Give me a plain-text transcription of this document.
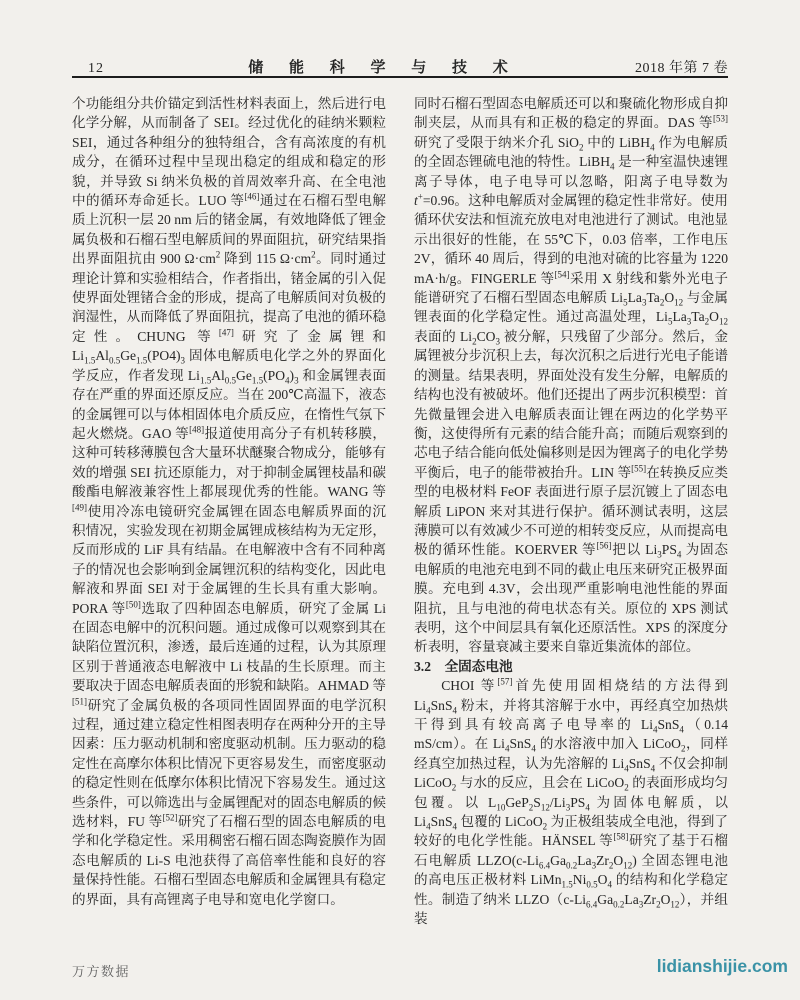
12	储 能 科 学 与 技 术	2018 年第 7 卷

个功能组分共价锚定到活性材料表面上，然后进行电化学分解，从而制备了 SEI。经过优化的硅纳米颗粒 SEI，通过各种组分的独特组合，含有高浓度的有机成分，在循环过程中呈现出稳定的组成和稳定的形貌，并导致 Si 纳米负极的首周效率升高、在全电池中的循环寿命延长。LUO 等[46]通过在石榴石型电解质上沉积一层 20 nm 后的锗金属，有效地降低了锂金属负极和石榴石型电解质间的界面阻抗，研究结果指出界面阻抗由 900 $\Omega\cdot cm^2$ 降到 115 $\Omega\cdot cm^2$。同时通过理论计算和实验相结合，作者指出，锗金属的引入促使界面处锂锗合金的形成，提高了电解质间对负极的润湿性，从而降低了界面阻抗，提高了电池的循环稳定性。CHUNG 等[47]研究了金属锂和 $Li_{1.5}Al_{0.5}Ge_{1.5}(PO4)_3$ 固体电解质电化学之外的界面化学反应，作者发现 $Li_{1.5}Al_{0.5}Ge_{1.5}(PO_4)_3$ 和金属锂表面存在严重的界面还原反应。当在 200℃高温下，液态的金属锂可以与体相固体电介质反应，在惰性气氛下起火燃烧。GAO 等[48]报道使用高分子有机转移膜，这种可转移薄膜包含大量环状醚聚合物成分，能够有效的增强 SEI 抗还原能力，对于抑制金属锂枝晶和碳酸酯电解液兼容性上都展现优秀的性能。WANG 等[49]使用冷冻电镜研究金属锂在固态电解质界面的沉积情况，实验发现在初期金属锂成核结构为无定形，反而形成的 LiF 具有结晶。在电解液中含有不同种离子的情况也会影响到金属锂沉积的结构变化，因此电解液和界面 SEI 对于金属锂的生长具有重大影响。PORA 等[50]选取了四种固态电解质，研究了金属 Li 在固态电解中的沉积问题。通过成像可以观察到其在缺陷位置沉积，渗透，最后连通的过程，认为其原理区别于普通液态电解液中 Li 枝晶的生长原理。而主要取决于固态电解质表面的形貌和缺陷。AHMAD 等[51]研究了金属负极的各项同性固固界面的电学沉积过程，通过建立稳定性相图表明存在两种分开的主导因素：压力驱动机制和密度驱动机制。压力驱动的稳定性在高摩尔体积比情况下更容易发生，而密度驱动的稳定性则在低摩尔体积比情况下容易发生。通过这些条件，可以筛选出与金属锂配对的固态电解质的候选材料，FU 等[52]研究了石榴石型的固态电解质的电学和化学稳定性。采用稠密石榴石固态陶瓷膜作为固态电解质的 Li-S 电池获得了高倍率性能和良好的容量保持性能。石榴石型固态电解质和金属锂具有稳定的界面，具有高锂离子电导和宽电化学窗口。

同时石榴石型固态电解质还可以和聚硫化物形成自抑制夹层，从而具有和正极的稳定的界面。DAS 等[53]研究了受限于纳米介孔 SiO$_2$ 中的 LiBH$_4$ 作为电解质的全固态锂硫电池的特性。LiBH$_4$ 是一种室温快速锂离子导体，电子电导可以忽略，阳离子电导数为 t+=0.96。这种电解质对金属锂的稳定性非常好。使用循环伏安法和恒流充放电对电池进行了测试。电池显示出很好的性能，在 55℃下，0.03 倍率，工作电压 2V，循环 40 周后，得到的电池对硫的比容量为 1220 mA·h/g。FINGERLE 等[54]采用 X 射线和紫外光电子能谱研究了石榴石型固态电解质 $Li_5La_3Ta_2O_{12}$ 与金属锂表面的化学稳定性。通过高温处理，$Li_5La_3Ta_2O_{12}$ 表面的 $Li_2CO_3$ 被分解，只残留了少部分。然后，金属锂被分步沉积上去，每次沉积之后进行光电子能谱的测量。结果表明，界面处没有发生分解，电解质的结构也没有被破坏。他们还提出了两步沉积模型：首先微量锂会进入电解质表面让锂在两边的化学势平衡，这使得所有元素的结合能升高；而随后观察到的芯电子结合能向低处偏移则是因为锂离子的电化学势平衡后，电子的能带被抬升。LIN 等[55]在转换反应类型的电极材料 FeOF 表面进行原子层沉镀上了固态电解质 LiPON 来对其进行保护。循环测试表明，这层薄膜可以有效减少不可逆的相转变反应，从而提高电极的循环性能。KOERVER 等[56]把以 $Li_3PS_4$ 为固态电解质的电池充电到不同的截止电压来研究正极界面膜。充电到 4.3V，会出现严重影响电池性能的界面阻抗，且与电池的荷电状态有关。原位的 XPS 测试表明，这个中间层具有氧化还原活性。XPS 的深度分析表明，容量衰减主要来自靠近集流体的部位。

3.2　全固态电池

CHOI 等[57]首先使用固相烧结的方法得到 $Li_4SnS_4$ 粉末，并将其溶解于水中，再经真空加热烘干得到具有较高离子电导率的 $Li_4SnS_4(0.14$ mS/cm）。在 $Li_4SnS_4$ 的水溶液中加入 LiCoO$_2$，同样经真空加热过程，认为先溶解的 $Li_4SnS_4$ 不仅会抑制 LiCoO$_2$ 与水的反应，且会在 LiCoO$_2$ 的表面形成均匀包覆。以 $L_{10}GeP_2S_{12}/Li_3PS_4$ 为固体电解质，以 $Li_4SnS_4$ 包覆的 LiCoO$_2$ 为正极组装成全电池，得到了较好的电化学性能。HÄNSEL 等[58]研究了基于石榴石电解质 $LLZO(c-Li_{6.4}Ga_{0.2}La_3Zr_2O_{12})$ 全固态锂电池的高电压正极材料 $LiMn_{1.5}Ni_{0.5}O_4$ 的结构和化学稳定性。制造了纳米 $LLZO(c-Li_{6.4}Ga_{0.2}La_3Zr_2O_{12})$，并组装

万方数据	lidianshijie.com
